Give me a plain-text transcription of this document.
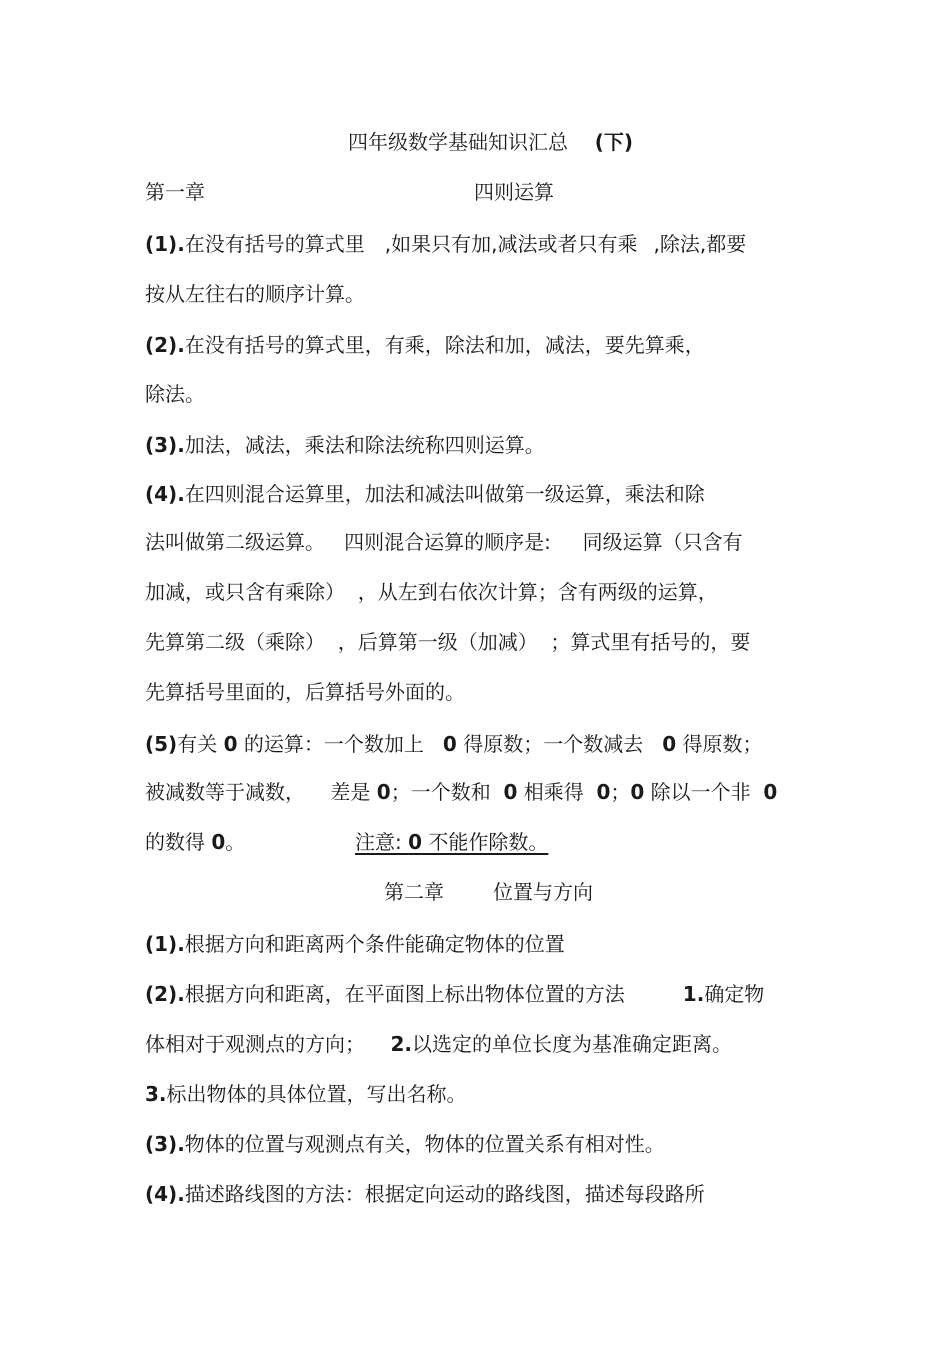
四年级数学基础知识汇总 (下)
第一章	四则运算
(1).在没有括号的算式里 ,如果只有加,减法或者只有乘 ,除法,都要
按从左往右的顺序计算。
(2).在没有括号的算式里，有乘，除法和加，减法，要先算乘，
除法。
(3).加法，减法，乘法和除法统称四则运算。
(4).在四则混合运算里，加法和减法叫做第一级运算，乘法和除
法叫做第二级运算。   四则混合运算的顺序是:     同级运算（只含有
加减，或只含有乘除）  ，从左到右依次计算；含有两级的运算，
先算第二级（乘除）  ，后算第一级（加减）  ；算式里有括号的，要
先算括号里面的，后算括号外面的。
(5)有关 0 的运算：一个数加上   0 得原数；一个数减去   0 得原数；
被减数等于减数，    差是 0；一个数和  0 相乘得  0；0 除以一个非  0
的数得 0。	注意: 0 不能作除数。
第二章 位置与方向
(1).根据方向和距离两个条件能确定物体的位置
(2).根据方向和距离，在平面图上标出物体位置的方法	1.确定物
体相对于观测点的方向；    2.以选定的单位长度为基准确定距离。
3.标出物体的具体位置，写出名称。
(3).物体的位置与观测点有关，物体的位置关系有相对性。
(4).描述路线图的方法：根据定向运动的路线图，描述每段路所
